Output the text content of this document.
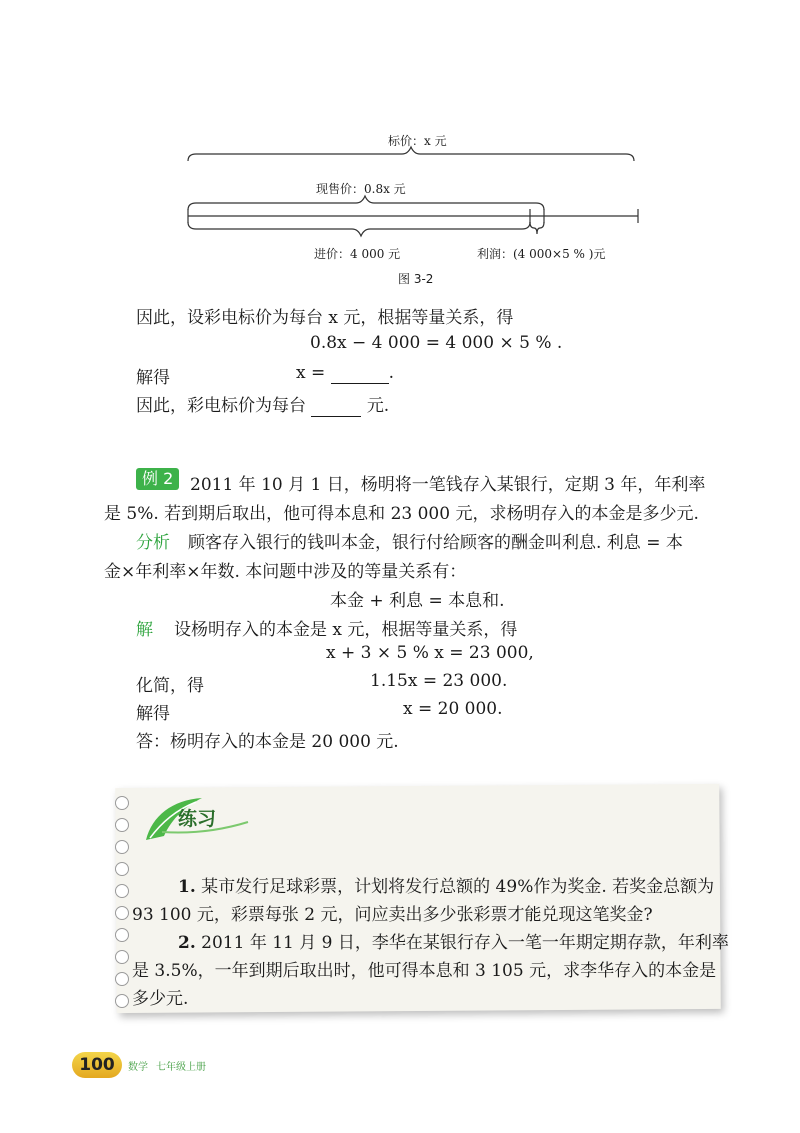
标价：x 元
现售价：0.8x 元
进价：4 000 元	利润：(4 000×5 % )元
图 3-2
因此，设彩电标价为每台 x 元，根据等量关系，得
0.8x − 4 000 = 4 000 × 5 % .
解得	x =	.
因此，彩电标价为每台	元.
例 2 2011 年 10 月 1 日，杨明将一笔钱存入某银行，定期 3 年，年利率
是 5%. 若到期后取出，他可得本息和 23 000 元，求杨明存入的本金是多少元.
分析 顾客存入银行的钱叫本金，银行付给顾客的酬金叫利息. 利息 = 本
金×年利率×年数. 本问题中涉及的等量关系有：
本金 + 利息 = 本息和.
解 设杨明存入的本金是 x 元，根据等量关系，得
x + 3 × 5 % x = 23 000,
化简，得	1.15x = 23 000.
解得	x = 20 000.
答：杨明存入的本金是 20 000 元.
练习
1. 某市发行足球彩票，计划将发行总额的 49%作为奖金. 若奖金总额为
93 100 元，彩票每张 2 元，问应卖出多少张彩票才能兑现这笔奖金?
2. 2011 年 11 月 9 日，李华在某银行存入一笔一年期定期存款，年利率
是 3.5%，一年到期后取出时，他可得本息和 3 105 元，求李华存入的本金是
多少元.
100	数学 七年级上册
